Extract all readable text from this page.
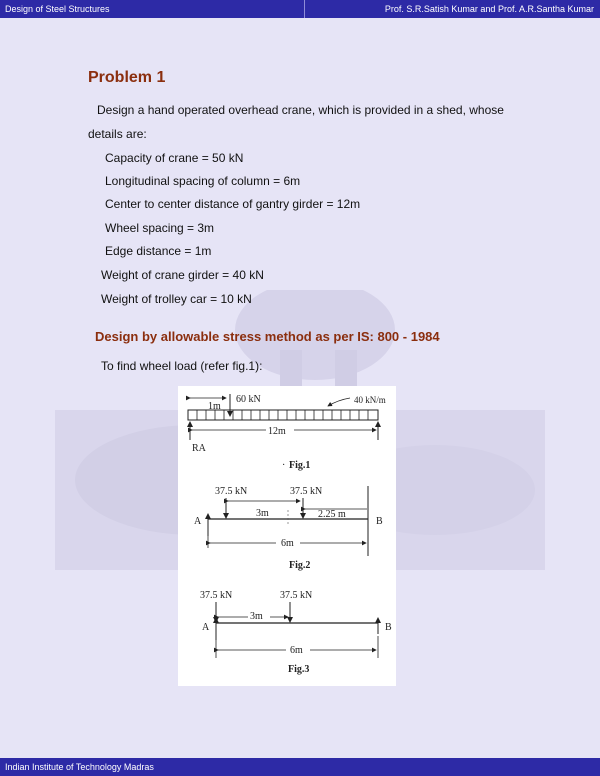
Design of Steel Structures	Prof. S.R.Satish Kumar and Prof. A.R.Santha Kumar
Problem 1
Design a hand operated overhead crane, which is provided in a shed, whose
details are:
Capacity of crane = 50 kN
Longitudinal spacing of column = 6m
Center to center distance of gantry girder = 12m
Wheel spacing = 3m
Edge distance = 1m
Weight of crane girder = 40 kN
Weight of trolley car = 10 kN
Design by allowable stress method as per IS: 800 - 1984
To find wheel load (refer fig.1):
1m
60 kN	40 kN/m
12m
RA
· Fig.1
37.5 kN	37.5 kN
3m	2.25 m
A	B
6m
Fig.2
37.5 kN	37.5 kN
3m
A	B
6m
Fig.3
Indian Institute of Technology Madras
